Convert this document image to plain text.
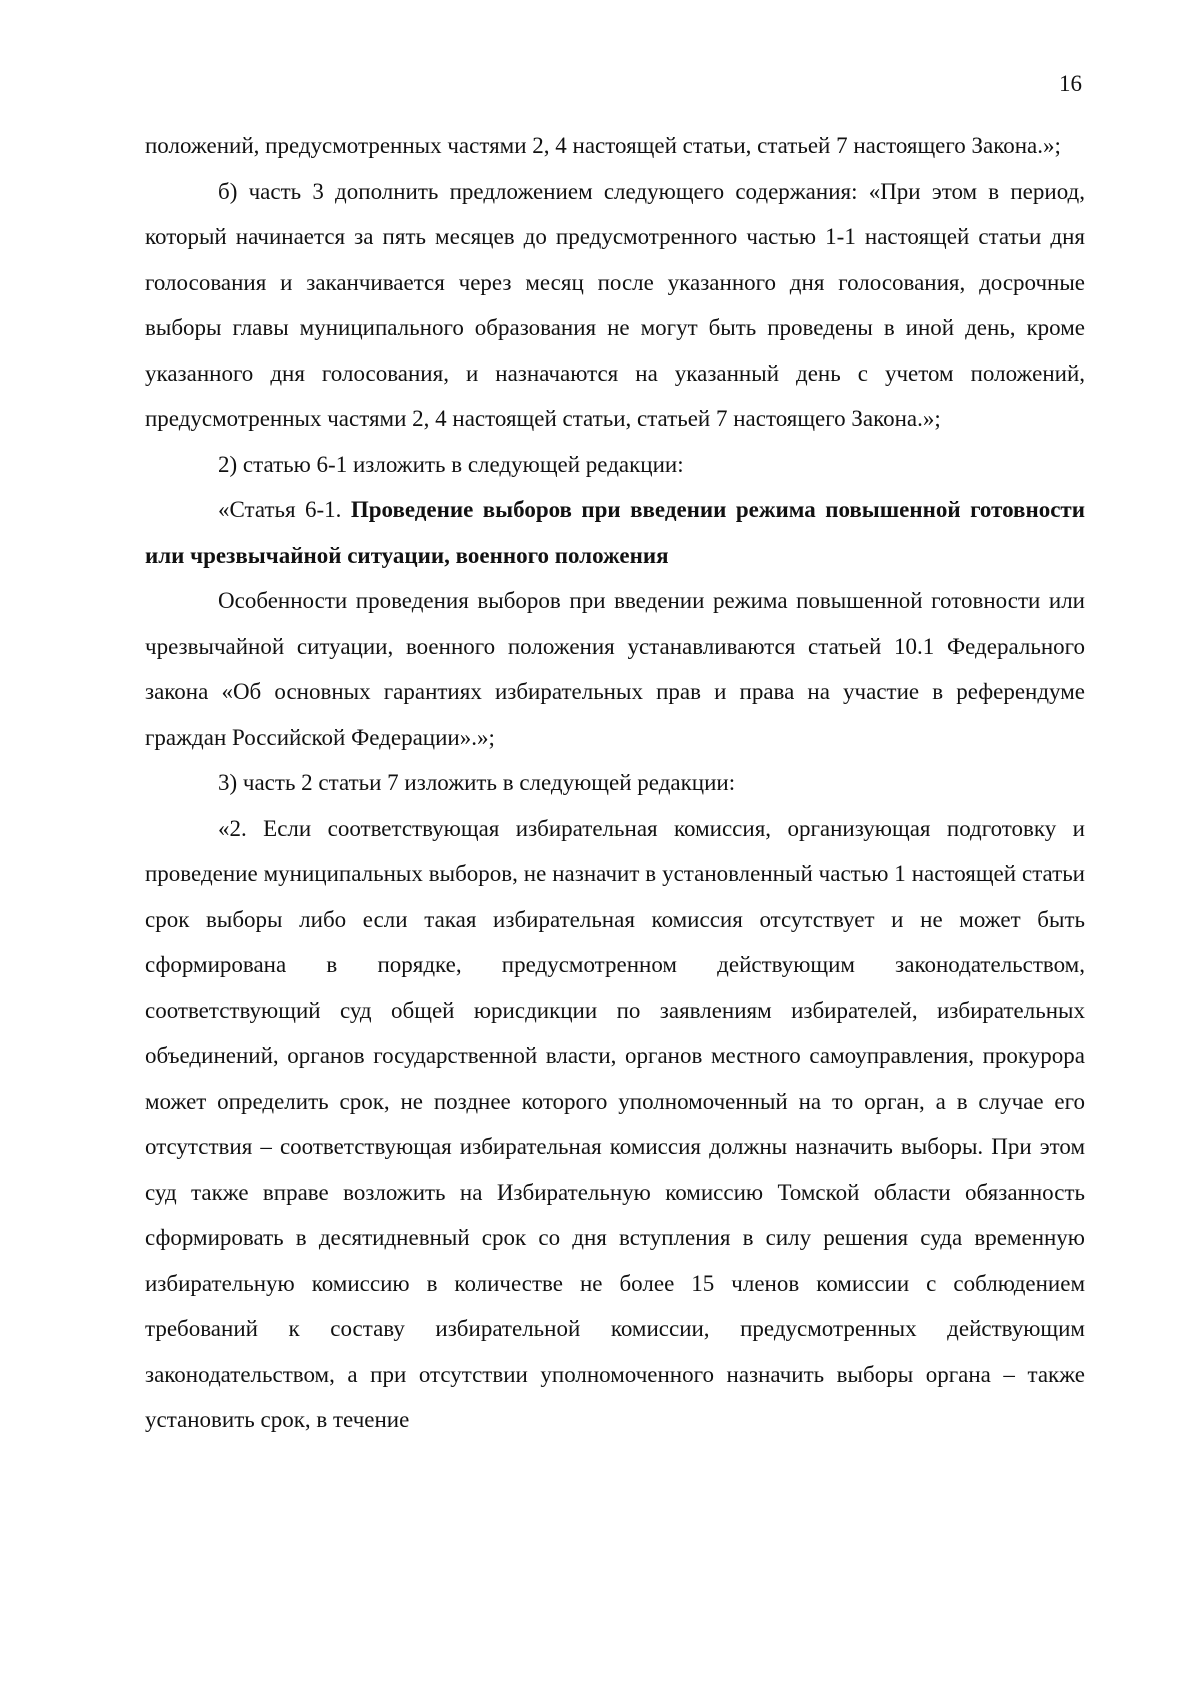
16

положений, предусмотренных частями 2, 4 настоящей статьи, статьей 7 настоящего Закона.»;

б) часть 3 дополнить предложением следующего содержания: «При этом в период, который начинается за пять месяцев до предусмотренного частью 1-1 настоящей статьи дня голосования и заканчивается через месяц после указанного дня голосования, досрочные выборы главы муниципального образования не могут быть проведены в иной день, кроме указанного дня голосования, и назначаются на указанный день с учетом положений, предусмотренных частями 2, 4 настоящей статьи, статьей 7 настоящего Закона.»;

2) статью 6-1 изложить в следующей редакции:

«Статья 6-1. Проведение выборов при введении режима повышенной готовности или чрезвычайной ситуации, военного положения

Особенности проведения выборов при введении режима повышенной готовности или чрезвычайной ситуации, военного положения устанавливаются статьей 10.1 Федерального закона «Об основных гарантиях избирательных прав и права на участие в референдуме граждан Российской Федерации».»;

3) часть 2 статьи 7 изложить в следующей редакции:

«2. Если соответствующая избирательная комиссия, организующая подготовку и проведение муниципальных выборов, не назначит в установленный частью 1 настоящей статьи срок выборы либо если такая избирательная комиссия отсутствует и не может быть сформирована в порядке, предусмотренном действующим законодательством, соответствующий суд общей юрисдикции по заявлениям избирателей, избирательных объединений, органов государственной власти, органов местного самоуправления, прокурора может определить срок, не позднее которого уполномоченный на то орган, а в случае его отсутствия – соответствующая избирательная комиссия должны назначить выборы. При этом суд также вправе возложить на Избирательную комиссию Томской области обязанность сформировать в десятидневный срок со дня вступления в силу решения суда временную избирательную комиссию в количестве не более 15 членов комиссии с соблюдением требований к составу избирательной комиссии, предусмотренных действующим законодательством, а при отсутствии уполномоченного назначить выборы органа – также установить срок, в течение
